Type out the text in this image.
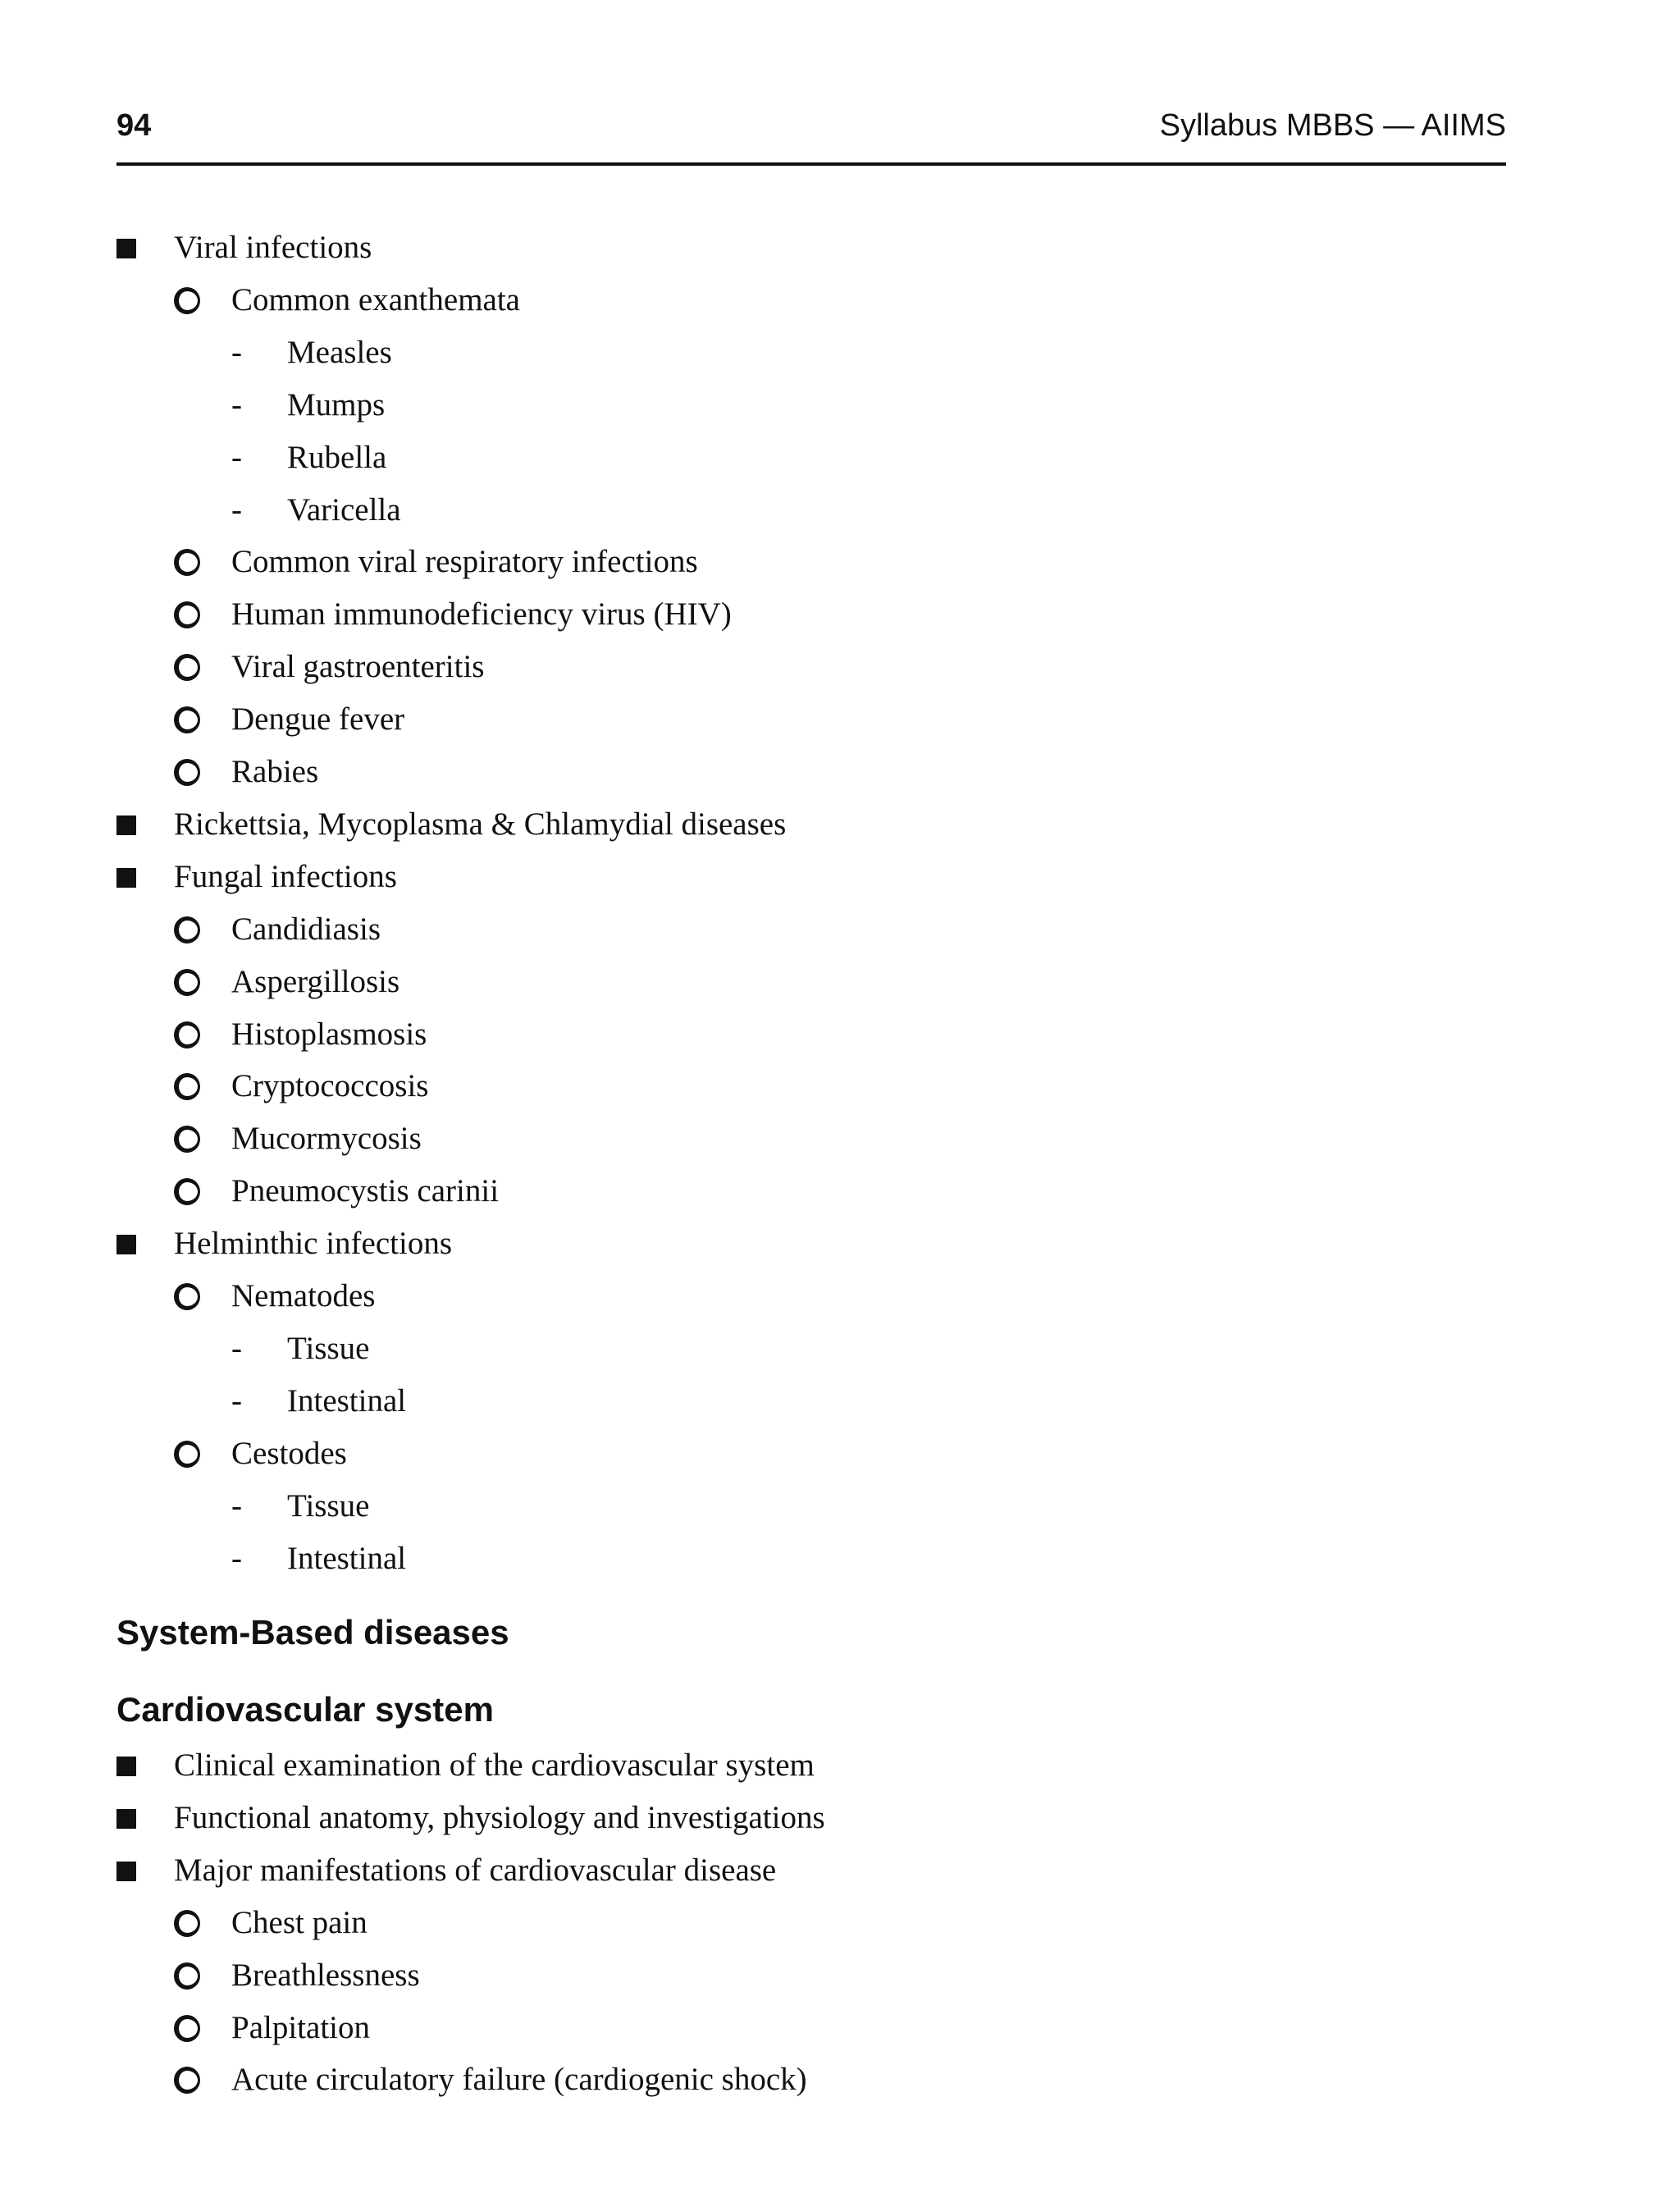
94	Syllabus MBBS — AIIMS
Viral infections
Common exanthemata
- Measles
- Mumps
- Rubella
- Varicella
Common viral respiratory infections
Human immunodeficiency virus (HIV)
Viral gastroenteritis
Dengue fever
Rabies
Rickettsia, Mycoplasma & Chlamydial diseases
Fungal infections
Candidiasis
Aspergillosis
Histoplasmosis
Cryptococcosis
Mucormycosis
Pneumocystis carinii
Helminthic infections
Nematodes
- Tissue
- Intestinal
Cestodes
- Tissue
- Intestinal
System-Based diseases
Cardiovascular system
Clinical examination of the cardiovascular system
Functional anatomy, physiology and investigations
Major manifestations of cardiovascular disease
Chest pain
Breathlessness
Palpitation
Acute circulatory failure (cardiogenic shock)
